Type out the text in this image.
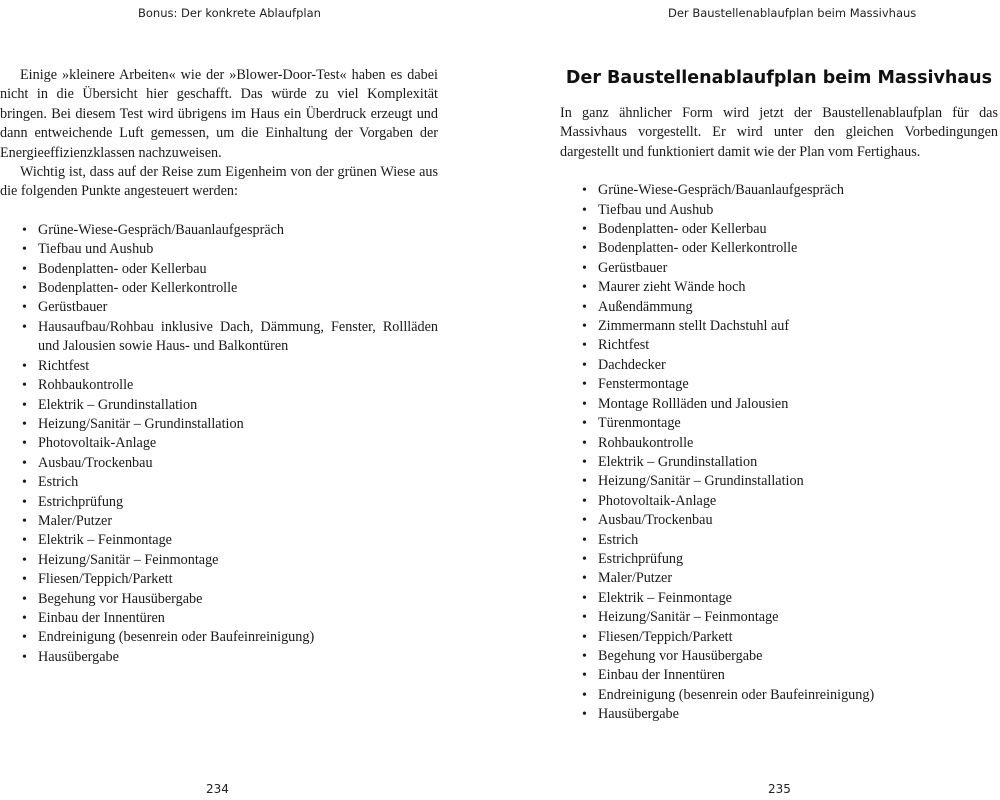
Bonus: Der konkrete Ablaufplan

Einige »kleinere Arbeiten« wie der »Blower-Door-Test« haben es dabei nicht in die Übersicht hier geschafft. Das würde zu viel Komplexität bringen. Bei diesem Test wird übrigens im Haus ein Überdruck erzeugt und dann entweichende Luft gemessen, um die Einhaltung der Vorgaben der Energieeffizienzklassen nachzuweisen.

Wichtig ist, dass auf der Reise zum Eigenheim von der grünen Wiese aus die folgenden Punkte angesteuert werden:

• Grüne-Wiese-Gespräch/Bauanlaufgespräch
• Tiefbau und Aushub
• Bodenplatten- oder Kellerbau
• Bodenplatten- oder Kellerkontrolle
• Gerüstbauer
• Hausaufbau/Rohbau inklusive Dach, Dämmung, Fenster, Rollläden und Jalousien sowie Haus- und Balkontüren
• Richtfest
• Rohbaukontrolle
• Elektrik – Grundinstallation
• Heizung/Sanitär – Grundinstallation
• Photovoltaik-Anlage
• Ausbau/Trockenbau
• Estrich
• Estrichprüfung
• Maler/Putzer
• Elektrik – Feinmontage
• Heizung/Sanitär – Feinmontage
• Fliesen/Teppich/Parkett
• Begehung vor Hausübergabe
• Einbau der Innentüren
• Endreinigung (besenrein oder Baufeinreinigung)
• Hausübergabe
234
Der Baustellenablaufplan beim Massivhaus
Der Baustellenablaufplan beim Massivhaus

In ganz ähnlicher Form wird jetzt der Baustellenablaufplan für das Massivhaus vorgestellt. Er wird unter den gleichen Vorbedingungen dargestellt und funktioniert damit wie der Plan vom Fertighaus.

• Grüne-Wiese-Gespräch/Bauanlaufgespräch
• Tiefbau und Aushub
• Bodenplatten- oder Kellerbau
• Bodenplatten- oder Kellerkontrolle
• Gerüstbauer
• Maurer zieht Wände hoch
• Außendämmung
• Zimmermann stellt Dachstuhl auf
• Richtfest
• Dachdecker
• Fenstermontage
• Montage Rollläden und Jalousien
• Türenmontage
• Rohbaukontrolle
• Elektrik – Grundinstallation
• Heizung/Sanitär – Grundinstallation
• Photovoltaik-Anlage
• Ausbau/Trockenbau
• Estrich
• Estrichprüfung
• Maler/Putzer
• Elektrik – Feinmontage
• Heizung/Sanitär – Feinmontage
• Fliesen/Teppich/Parkett
• Begehung vor Hausübergabe
• Einbau der Innentüren
• Endreinigung (besenrein oder Baufeinreinigung)
• Hausübergabe
235
